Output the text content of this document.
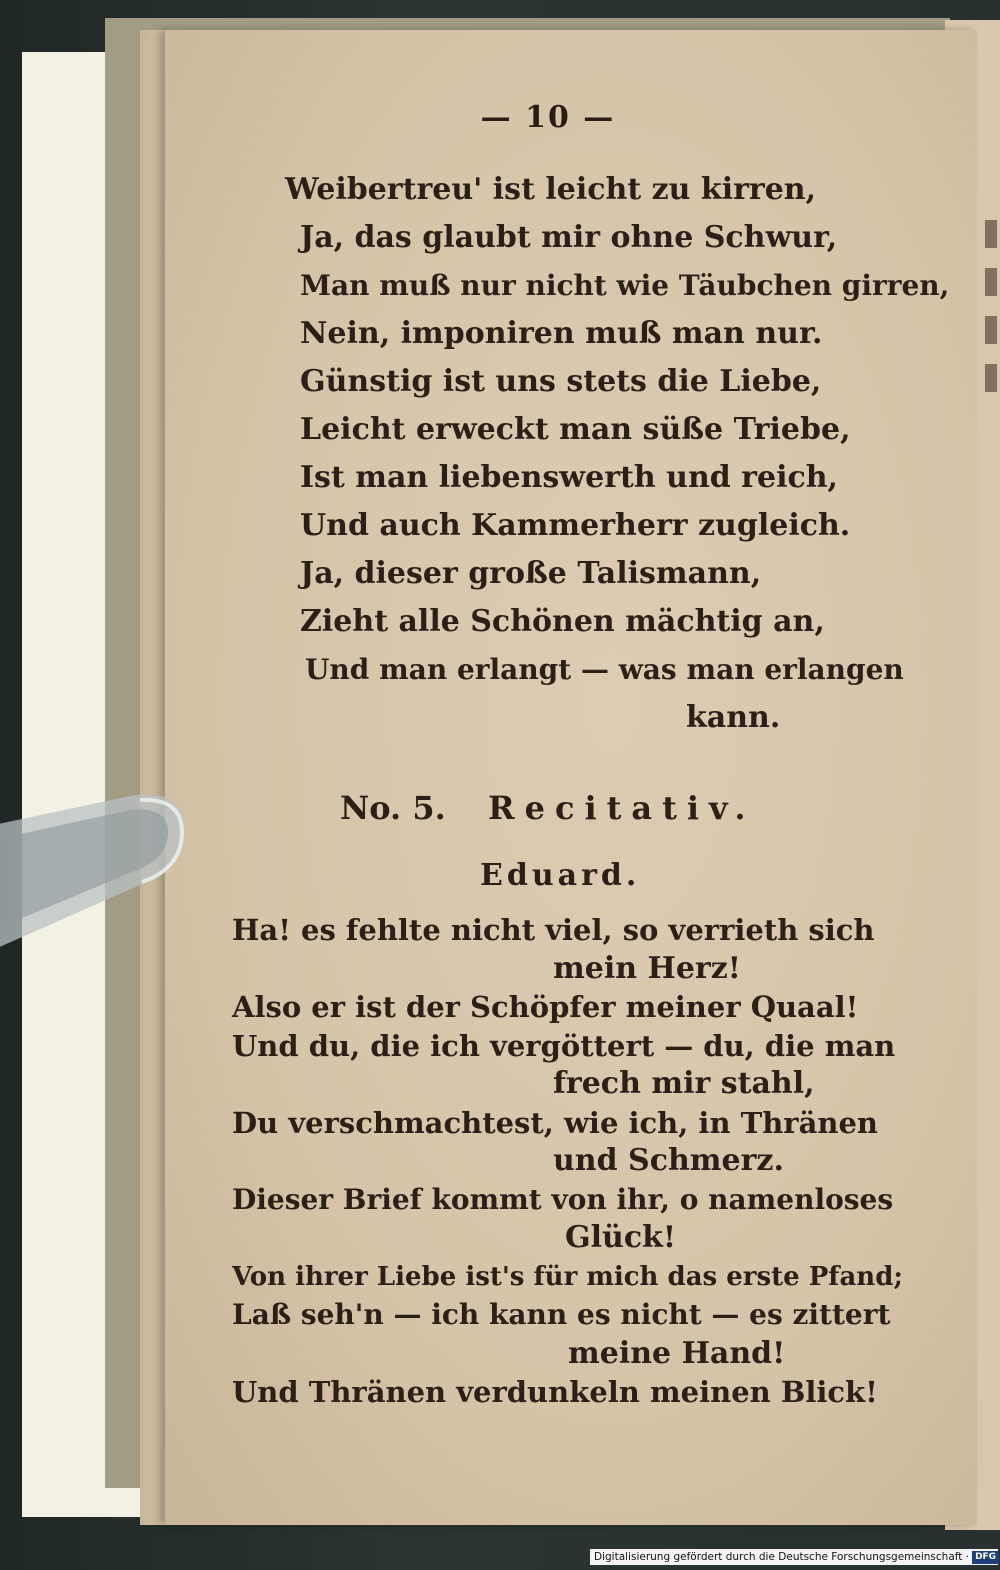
— 10 —
Weibertreu' ist leicht zu kirren,
Ja, das glaubt mir ohne Schwur,
Man muß nur nicht wie Täubchen girren,
Nein, imponiren muß man nur.
Günstig ist uns stets die Liebe,
Leicht erweckt man süße Triebe,
Ist man liebenswerth und reich,
Und auch Kammerherr zugleich.
Ja, dieser große Talismann,
Zieht alle Schönen mächtig an,
Und man erlangt — was man erlangen
kann.
No. 5. Recitativ.
Eduard.
Ha! es fehlte nicht viel, so verrieth sich
mein Herz!
Also er ist der Schöpfer meiner Quaal!
Und du, die ich vergöttert — du, die man
frech mir stahl,
Du verschmachtest, wie ich, in Thränen
und Schmerz.
Dieser Brief kommt von ihr, o namenloses
Glück!
Von ihrer Liebe ist's für mich das erste Pfand;
Laß seh'n — ich kann es nicht — es zittert
meine Hand!
Und Thränen verdunkeln meinen Blick!
Digitalisierung gefördert durch die Deutsche Forschungsgemeinschaft · DFG
